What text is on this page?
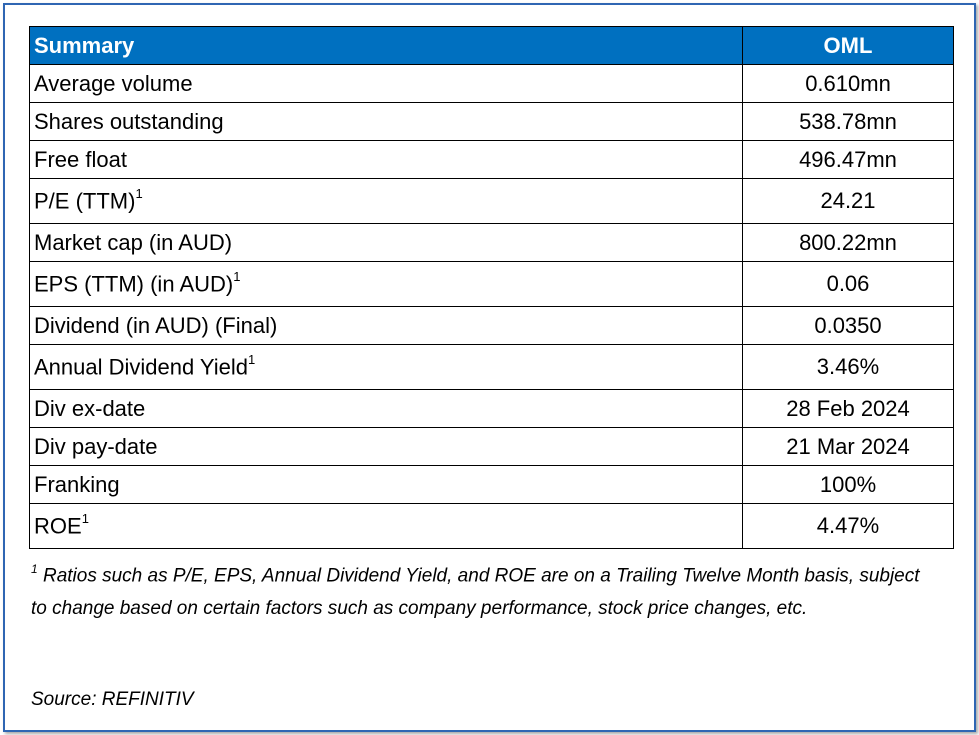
Summary	OML
Average volume	0.610mn
Shares outstanding	538.78mn
Free float	496.47mn
P/E (TTM)$^1$	24.21
Market cap (in AUD)	800.22mn
EPS (TTM) (in AUD)$^1$	0.06
Dividend (in AUD) (Final)	0.0350
Annual Dividend Yield$^1$	3.46%
Div ex-date	28 Feb 2024
Div pay-date	21 Mar 2024
Franking	100%
ROE$^1$	4.47%
$^1$ Ratios such as P/E, EPS, Annual Dividend Yield, and ROE are on a Trailing Twelve Month basis, subject to change based on certain factors such as company performance, stock price changes, etc.
Source: REFINITIV
